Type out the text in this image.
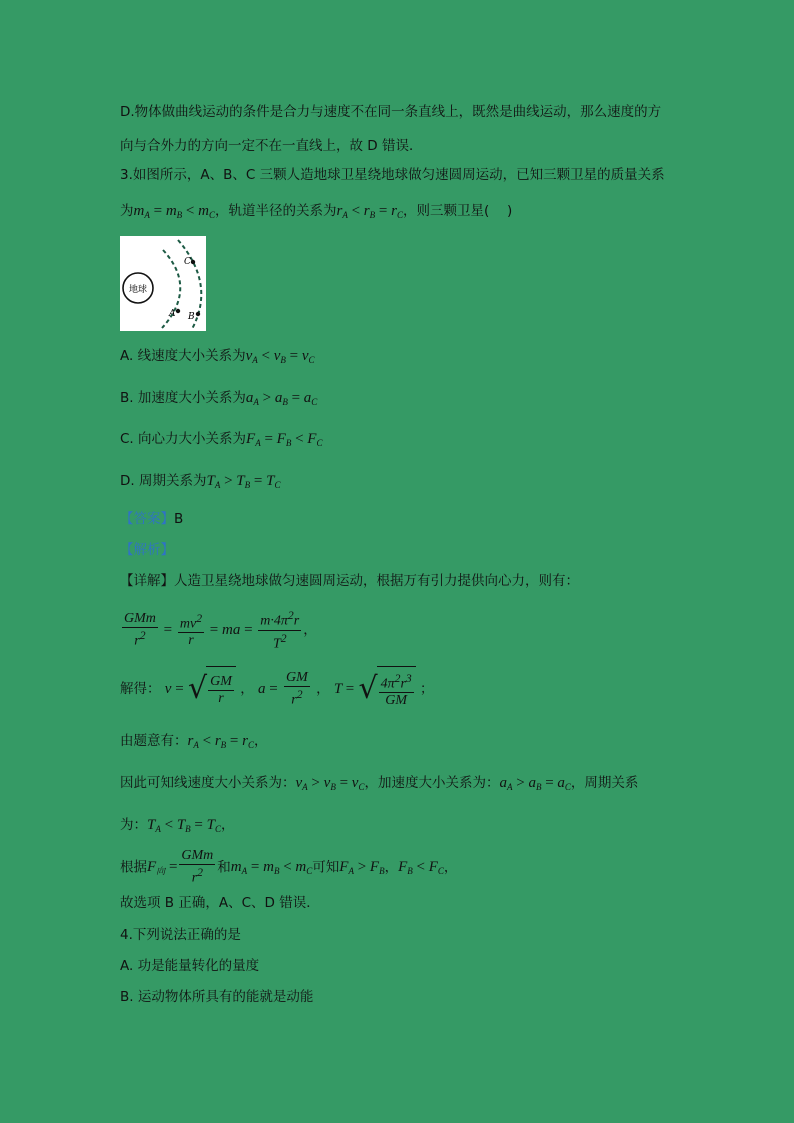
D.物体做曲线运动的条件是合力与速度不在同一条直线上，既然是曲线运动，那么速度的方
向与合外力的方向一定不在一直线上，故 D 错误．
3.如图所示，A、B、C 三颗人造地球卫星绕地球做匀速圆周运动，已知三颗卫星的质量关系
为$m_A = m_B < m_C$，轨道半径的关系为$r_A < r_B = r_C$，则三颗卫星(　 )
地球
A B
C
A. 线速度大小关系为$v_A < v_B = v_C$
B. 加速度大小关系为$a_A > a_B = a_C$
C. 向心力大小关系为$F_A = F_B < F_C$
D. 周期关系为$T_A > T_B = T_C$
【答案】B
【解析】
【详解】人造卫星绕地球做匀速圆周运动，根据万有引力提供向心力，则有：
$\frac{\text{GMm}}{r^2} = \frac{mv^2}{r}$ = ma = $\frac{m\cdot 4\pi^2r}{T^2}$ ，
解得： v = √ $\frac{GM}{r}$ ， $a = \frac{GM}{r^2}$ ， T = √ $\frac{4\pi^2r^3}{GM}$ ；
由题意有：$r_A < r_B = r_C$，
因此可知线速度大小关系为：$v_A > v_B = v_C$，加速度大小关系为：$a_A > a_B = a_C$，周期关系
为：$T_A < T_B = T_C$，
根据$F_向 = \frac{\text{GMm}}{r^2}$ 和$m_A = m_B < m_C$可知$F_A > F_B$，$F_B < F_C$，
故选项 B 正确，A、C、D 错误．
4.下列说法正确的是
A. 功是能量转化的量度
B. 运动物体所具有的能就是动能
